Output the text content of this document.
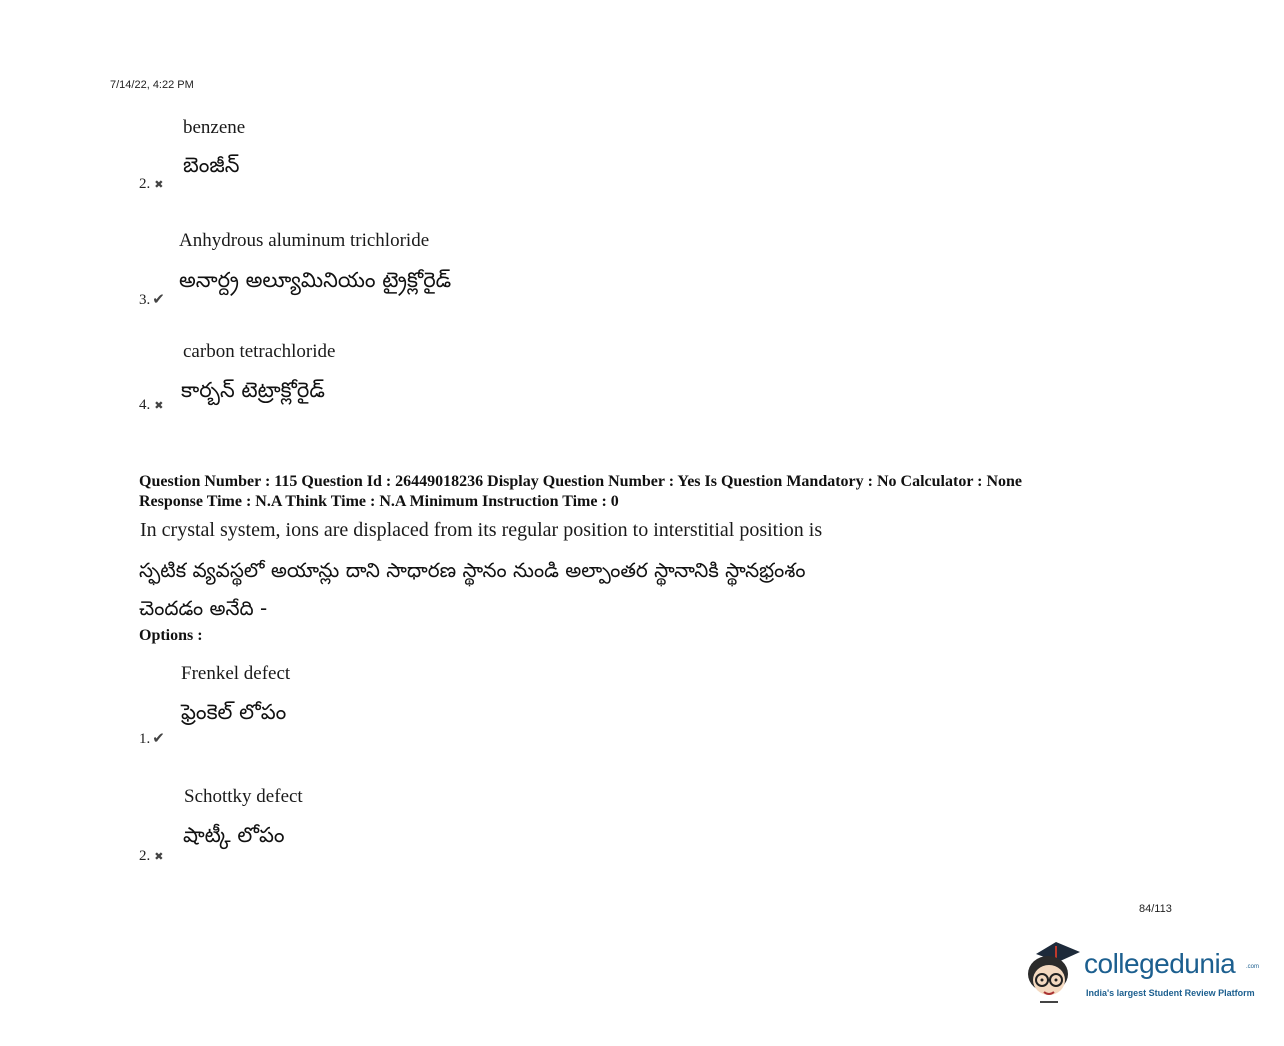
7/14/22, 4:22 PM
benzene
బెంజీన్
2. ✖
Anhydrous aluminum trichloride
3. ✔
అనార్ద్ర అల్యూమినియం ట్రైక్లోరైడ్
carbon tetrachloride
కార్బన్ టెట్రాక్లోరైడ్
4. ✖
Question Number : 115 Question Id : 26449018236 Display Question Number : Yes Is Question Mandatory : No Calculator : None
Response Time : N.A Think Time : N.A Minimum Instruction Time : 0
In crystal system, ions are displaced from its regular position to interstitial position is
స్ఫటిక వ్యవస్థలో అయాన్లు దాని సాధారణ స్థానం నుండి అల్పాంతర స్థానానికి స్థానభ్రంశం
చెందడం అనేది -
Options :
Frenkel defect
ఫ్రెంకెల్ లోపం
1. ✔
Schottky defect
షాట్కీ లోపం
2. ✖
84/113
collegedunia .com
India's largest Student Review Platform
